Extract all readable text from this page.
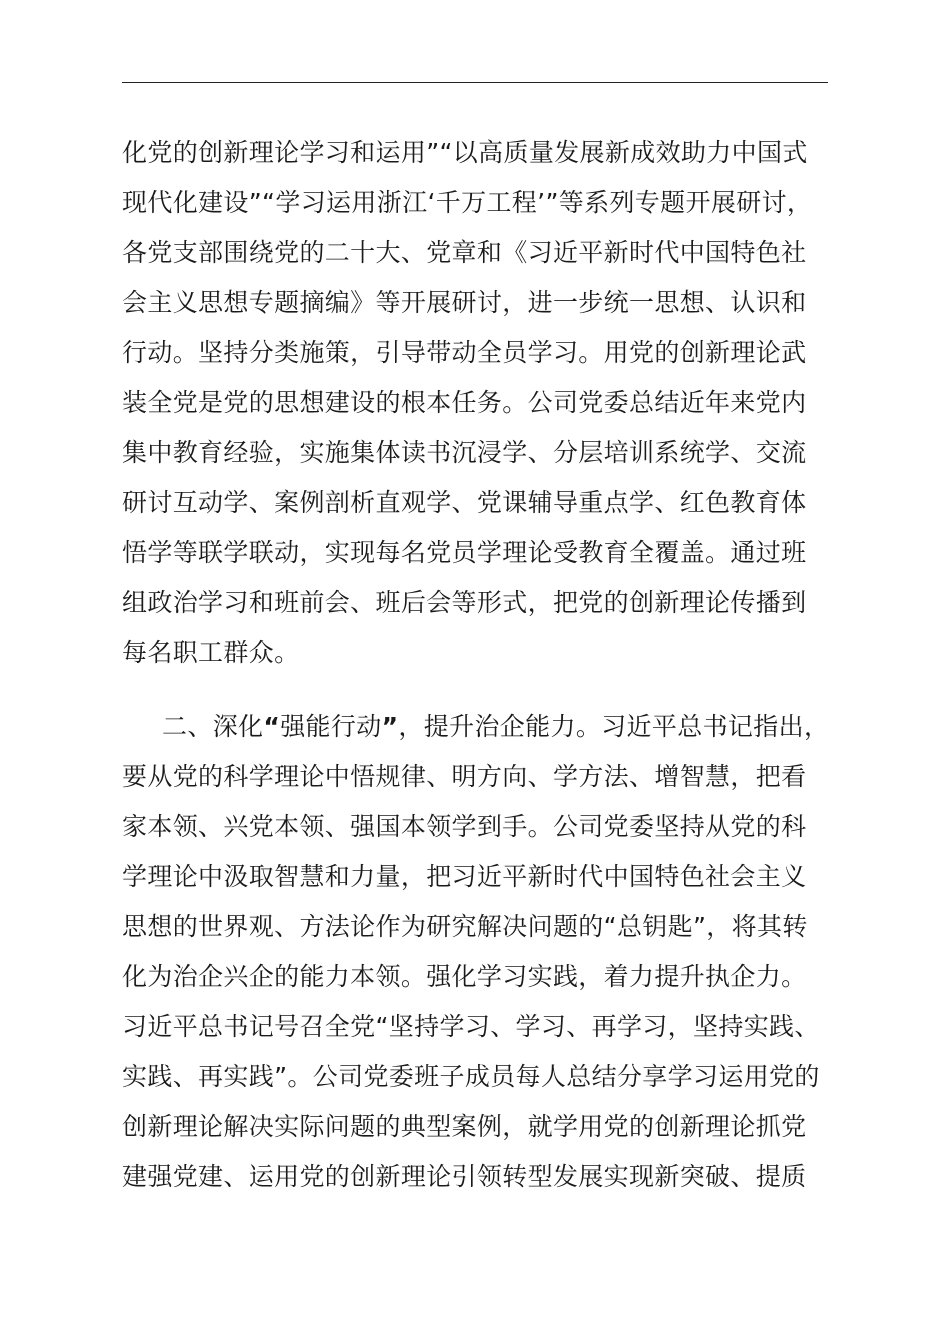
化党的创新理论学习和运用”“以高质量发展新成效助力中国式
现代化建设”“学习运用浙江‘千万工程’”等系列专题开展研讨，
各党支部围绕党的二十大、党章和《习近平新时代中国特色社
会主义思想专题摘编》等开展研讨，进一步统一思想、认识和
行动。坚持分类施策，引导带动全员学习。用党的创新理论武
装全党是党的思想建设的根本任务。公司党委总结近年来党内
集中教育经验，实施集体读书沉浸学、分层培训系统学、交流
研讨互动学、案例剖析直观学、党课辅导重点学、红色教育体
悟学等联学联动，实现每名党员学理论受教育全覆盖。通过班
组政治学习和班前会、班后会等形式，把党的创新理论传播到
每名职工群众。
二、深化“强能行动”，提升治企能力。习近平总书记指出，
要从党的科学理论中悟规律、明方向、学方法、增智慧，把看
家本领、兴党本领、强国本领学到手。公司党委坚持从党的科
学理论中汲取智慧和力量，把习近平新时代中国特色社会主义
思想的世界观、方法论作为研究解决问题的“总钥匙”，将其转
化为治企兴企的能力本领。强化学习实践，着力提升执企力。
习近平总书记号召全党“坚持学习、学习、再学习，坚持实践、
实践、再实践”。公司党委班子成员每人总结分享学习运用党的
创新理论解决实际问题的典型案例，就学用党的创新理论抓党
建强党建、运用党的创新理论引领转型发展实现新突破、提质
